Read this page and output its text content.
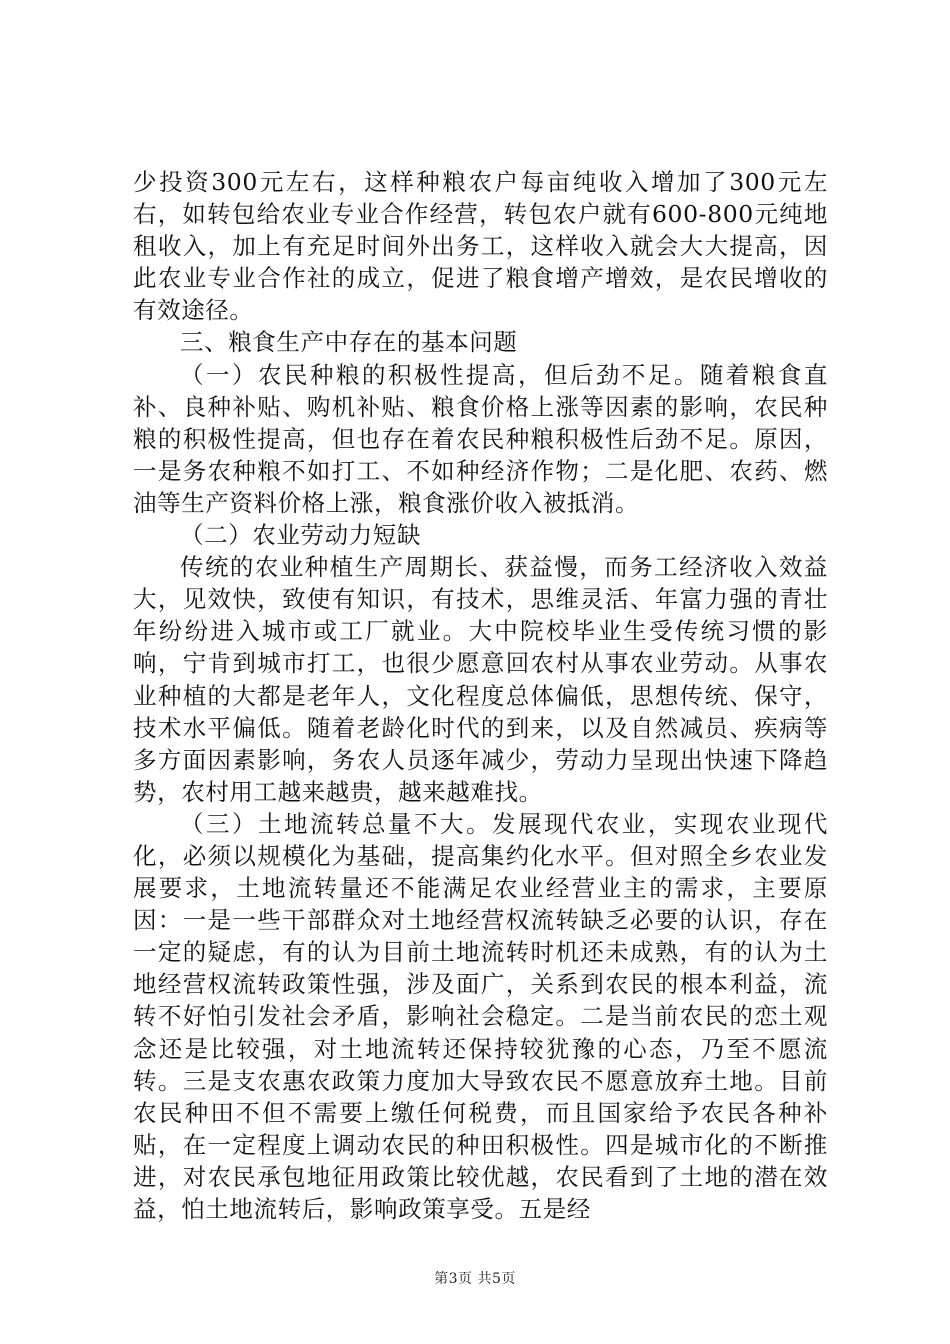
少投资300元左右，这样种粮农户每亩纯收入增加了300元左右，如转包给农业专业合作经营，转包农户就有600-800元纯地租收入，加上有充足时间外出务工，这样收入就会大大提高，因此农业专业合作社的成立，促进了粮食增产增效，是农民增收的有效途径。

三、粮食生产中存在的基本问题

（一）农民种粮的积极性提高，但后劲不足。随着粮食直补、良种补贴、购机补贴、粮食价格上涨等因素的影响，农民种粮的积极性提高，但也存在着农民种粮积极性后劲不足。原因，一是务农种粮不如打工、不如种经济作物；二是化肥、农药、燃油等生产资料价格上涨，粮食涨价收入被抵消。

（二）农业劳动力短缺

传统的农业种植生产周期长、获益慢，而务工经济收入效益大，见效快，致使有知识，有技术，思维灵活、年富力强的青壮年纷纷进入城市或工厂就业。大中院校毕业生受传统习惯的影响，宁肯到城市打工，也很少愿意回农村从事农业劳动。从事农业种植的大都是老年人，文化程度总体偏低，思想传统、保守，技术水平偏低。随着老龄化时代的到来，以及自然减员、疾病等多方面因素影响，务农人员逐年减少，劳动力呈现出快速下降趋势，农村用工越来越贵，越来越难找。

（三）土地流转总量不大。发展现代农业，实现农业现代化，必须以规模化为基础，提高集约化水平。但对照全乡农业发展要求，土地流转量还不能满足农业经营业主的需求，主要原因：一是一些干部群众对土地经营权流转缺乏必要的认识，存在一定的疑虑，有的认为目前土地流转时机还未成熟，有的认为土地经营权流转政策性强，涉及面广，关系到农民的根本利益，流转不好怕引发社会矛盾，影响社会稳定。二是当前农民的恋土观念还是比较强，对土地流转还保持较犹豫的心态，乃至不愿流转。三是支农惠农政策力度加大导致农民不愿意放弃土地。目前农民种田不但不需要上缴任何税费，而且国家给予农民各种补贴，在一定程度上调动农民的种田积极性。四是城市化的不断推进，对农民承包地征用政策比较优越，农民看到了土地的潜在效益，怕土地流转后，影响政策享受。五是经

第3页 共5页
